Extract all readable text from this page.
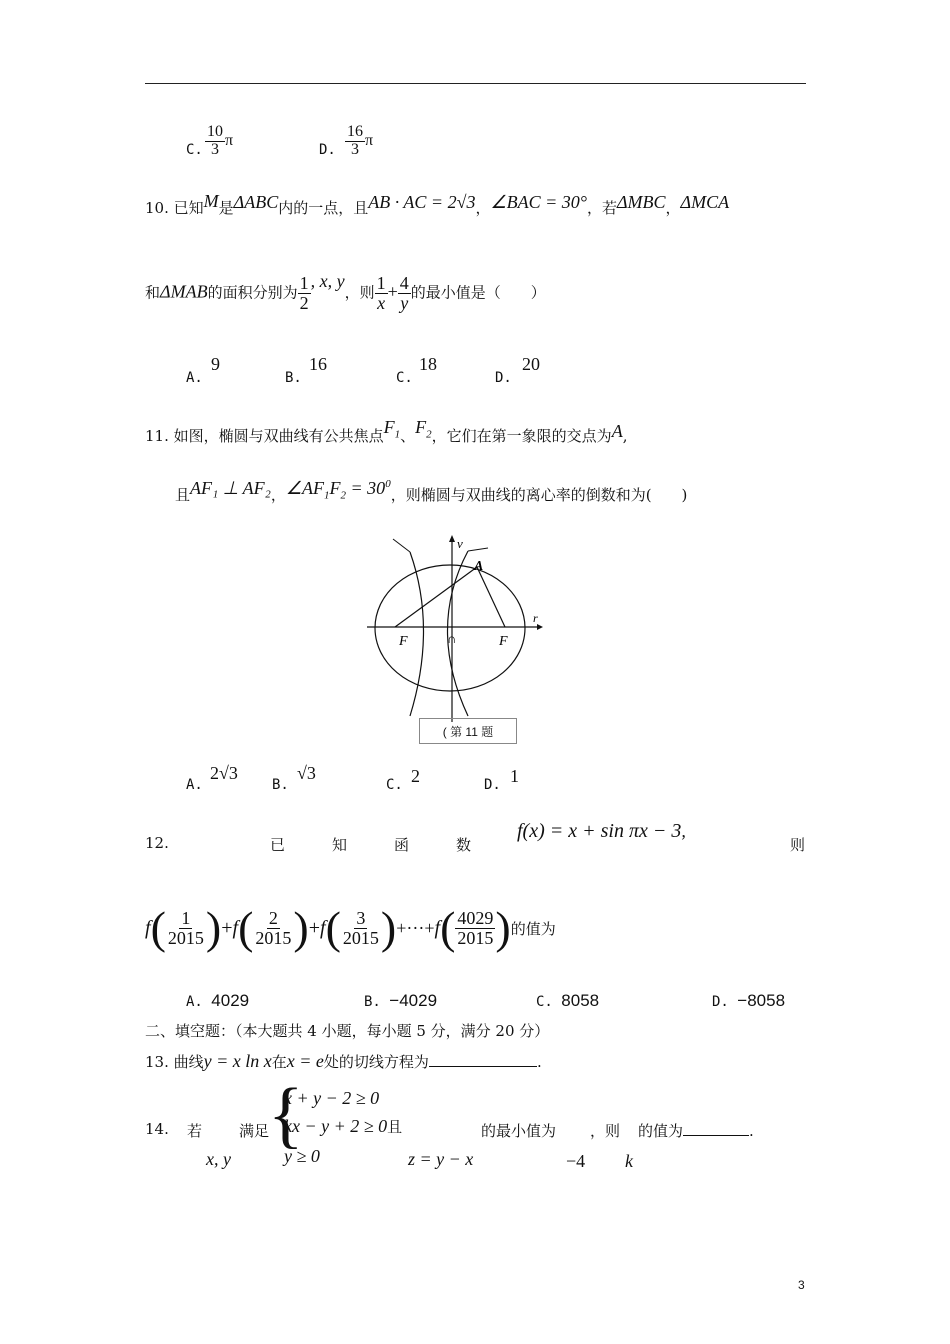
C. $\frac{10}{3}$ π
D. $\frac{16}{3}$ π
10. 已知M是ΔABC内的一点，且AB · AC = 2√3，∠BAC = 30°，若ΔMBC，ΔMCA
和ΔMAB的面积分别为 $\frac{1}{2}$ , x, y，则 $\frac{1}{x} + \frac{4}{y}$ 的最小值是（　　）
A.
9
B.
16
C.
18
D.
20
11. 如图，椭圆与双曲线有公共焦点$F_1$、$F_2$，它们在第一象限的交点为A,
且AF₁ ⊥ AF₂，$\angle AF_1F_2 = 30^0$，则椭圆与双曲线的离心率的倒数和为(　　)
v
r
A
F	F
∩
( 第 11 题
A.
2√3
B.
√3
C. 2	D. 1
12.	已	知	函	数
f(x) = x + sin πx − 3,
则
f ( $\frac{1}{2015}$ ) + f ( $\frac{2}{2015}$ ) + f ( $\frac{3}{2015}$ ) +···+ f ( $\frac{4029}{2015}$ ) 的值为
A. 4029	B. −4029	C. 8058	D. −8058
二、填空题：（本大题共 4 小题，每小题 5 分，满分 20 分）
13. 曲线y = x ln x在x = e处的切线方程为	.
14. 若
x, y
满足
{
x + y − 2 ≥ 0
kx − y + 2 ≥ 0且
y ≥ 0	z = y − x
的最小值为
−4
，则
k
的值为	.
3
